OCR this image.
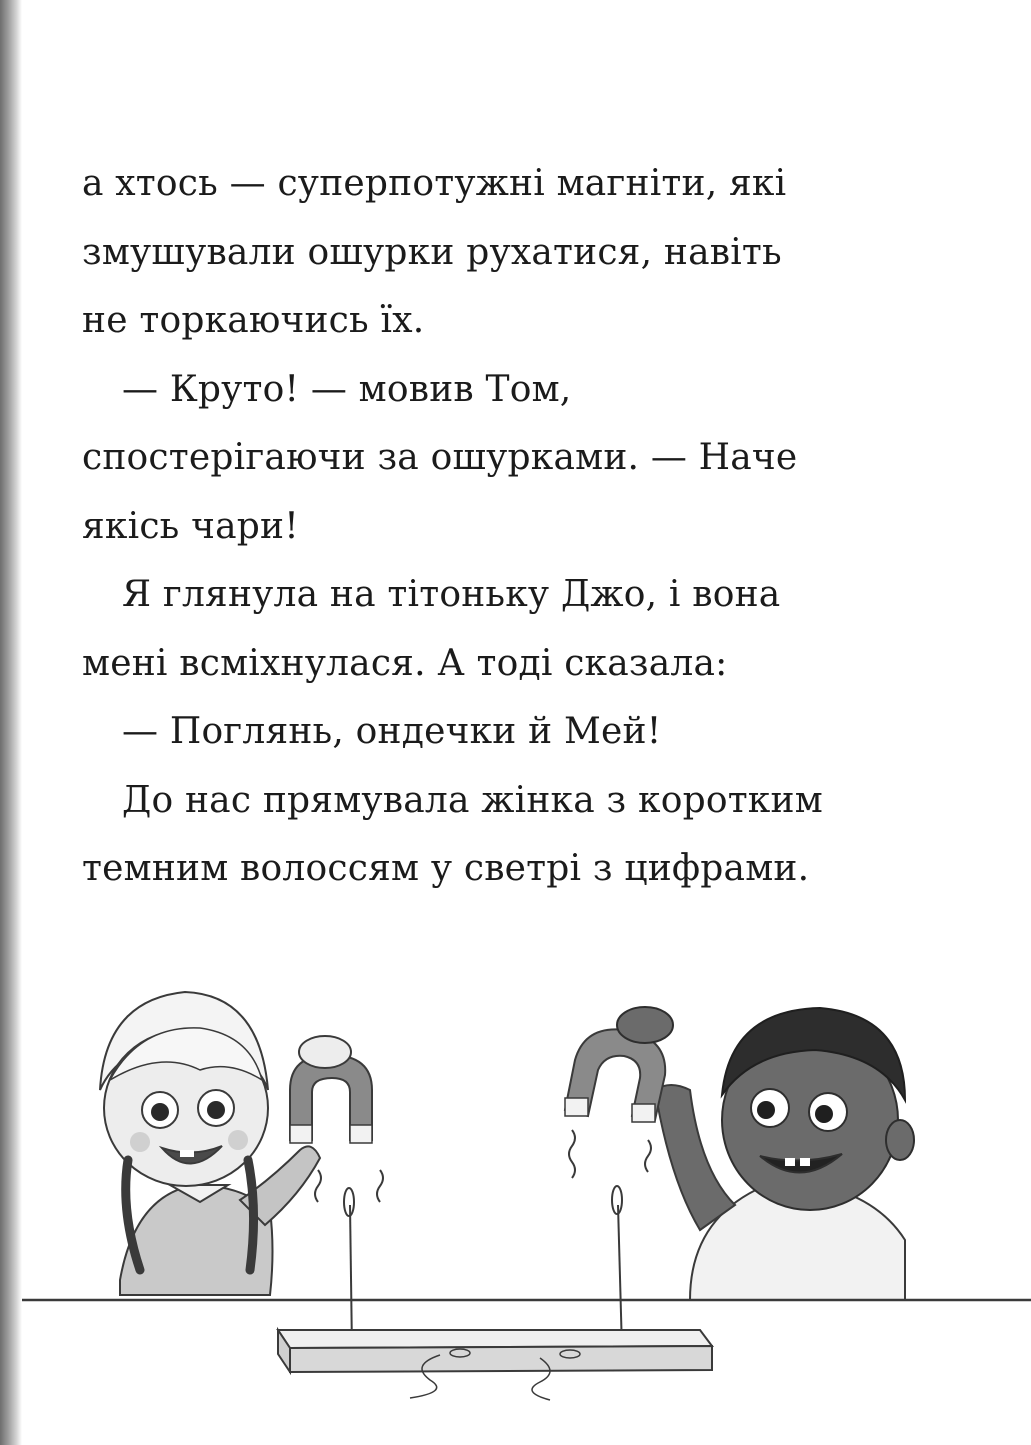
а хтось — суперпотужні магніти, які
змушували ошурки рухатися, навіть
не торкаючись їх.
— Круто! — мовив Том,
спостерігаючи за ошурками. — Наче
якісь чари!
Я глянула на тітоньку Джо, і вона
мені всміхнулася. А тоді сказала:
— Поглянь, ондечки й Мей!
До нас прямувала жінка з коротким
темним волоссям у светрі з цифрами.
